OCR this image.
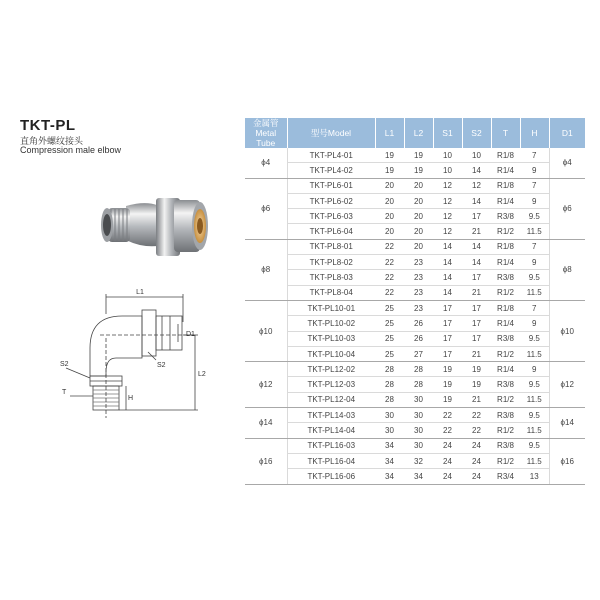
TKT-PL
直角外螺纹接头
Compression male elbow
L1
D1
S2
S2
T
H
L2
金属管
Metal Tube	型号Model	L1	L2	S1	S2	T	H	D1
ϕ4	TKT-PL4-01	19	19	10	10	R1/8	7	ϕ4
	TKT-PL4-02	19	19	10	14	R1/4	9	
ϕ6	TKT-PL6-01	20	20	12	12	R1/8	7	ϕ6
	TKT-PL6-02	20	20	12	14	R1/4	9	
	TKT-PL6-03	20	20	12	17	R3/8	9.5	
	TKT-PL6-04	20	20	12	21	R1/2	11.5	
ϕ8	TKT-PL8-01	22	20	14	14	R1/8	7	ϕ8
	TKT-PL8-02	22	23	14	14	R1/4	9	
	TKT-PL8-03	22	23	14	17	R3/8	9.5	
	TKT-PL8-04	22	23	14	21	R1/2	11.5	
ϕ10	TKT-PL10-01	25	23	17	17	R1/8	7	ϕ10
	TKT-PL10-02	25	26	17	17	R1/4	9	
	TKT-PL10-03	25	26	17	17	R3/8	9.5	
	TKT-PL10-04	25	27	17	21	R1/2	11.5	
ϕ12	TKT-PL12-02	28	28	19	19	R1/4	9	ϕ12
	TKT-PL12-03	28	28	19	19	R3/8	9.5	
	TKT-PL12-04	28	30	19	21	R1/2	11.5	
ϕ14	TKT-PL14-03	30	30	22	22	R3/8	9.5	ϕ14
	TKT-PL14-04	30	30	22	22	R1/2	11.5	
ϕ16	TKT-PL16-03	34	30	24	24	R3/8	9.5	ϕ16
	TKT-PL16-04	34	32	24	24	R1/2	11.5	
	TKT-PL16-06	34	34	24	24	R3/4	13	
